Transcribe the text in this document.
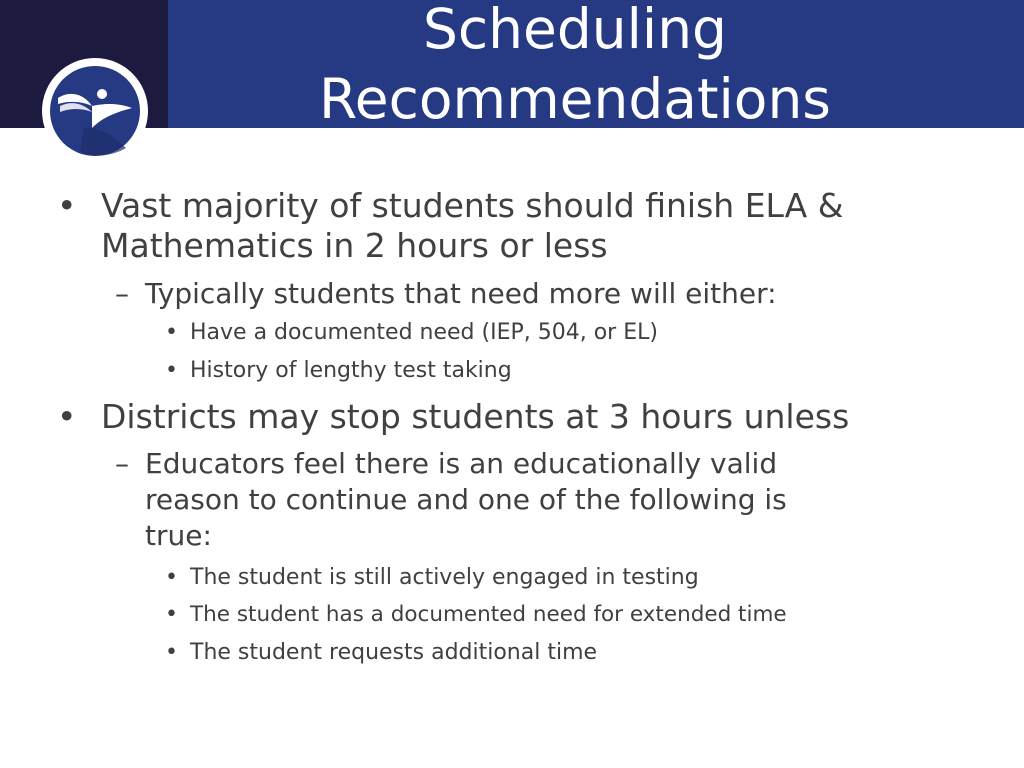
Scheduling
Recommendations
• Vast majority of students should finish ELA &

Mathematics in 2 hours or less

– Typically students that need more will either:

• Have a documented need (IEP, 504, or EL)

• History of lengthy test taking

• Districts may stop students at 3 hours unless

– Educators feel there is an educationally valid

reason to continue and one of the following is

true:

• The student is still actively engaged in testing

• The student has a documented need for extended time

• The student requests additional time
